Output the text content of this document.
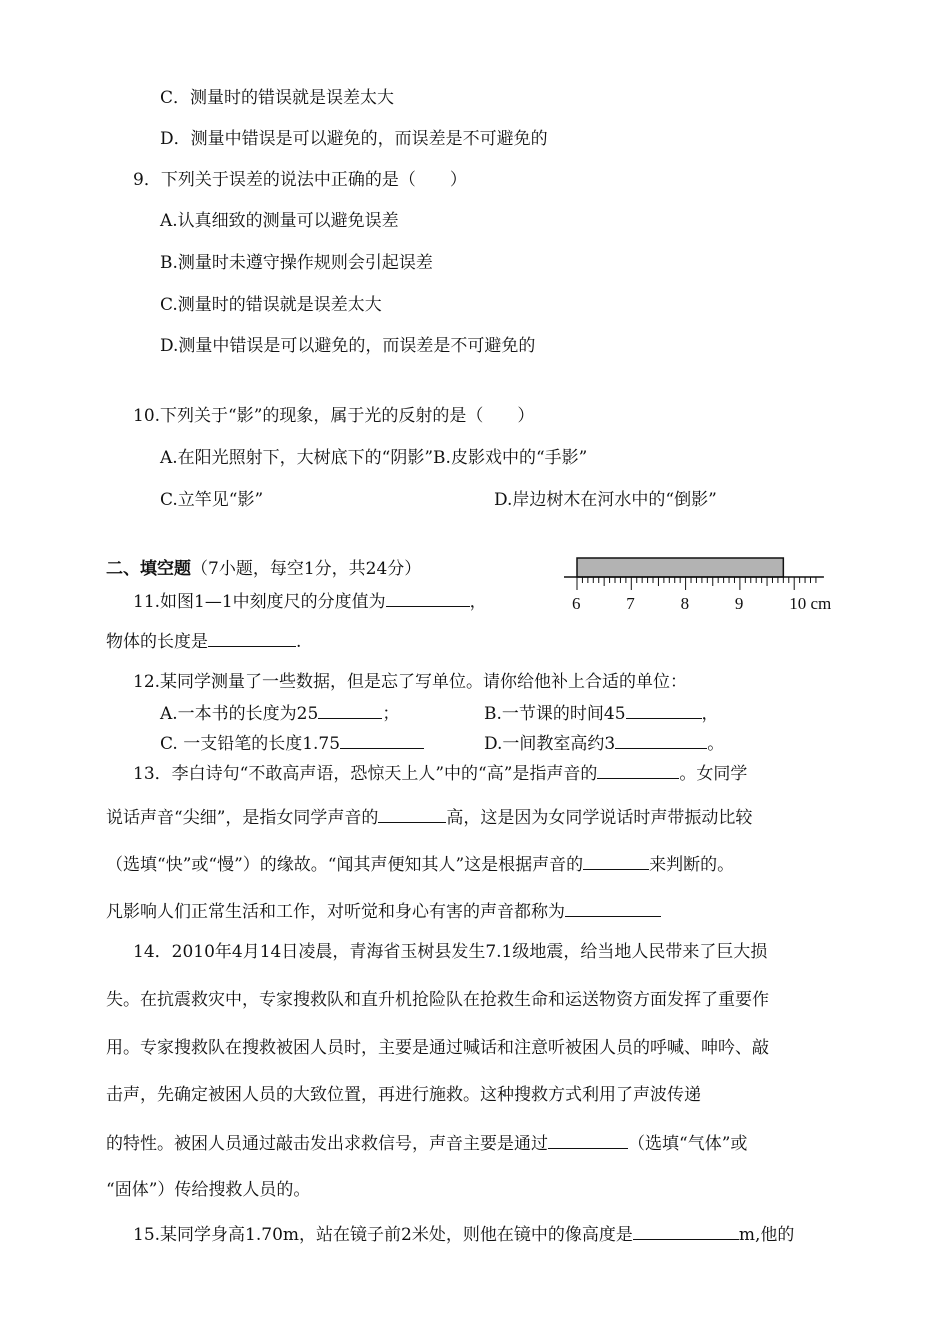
C．测量时的错误就是误差太大
D．测量中错误是可以避免的，而误差是不可避免的
9．下列关于误差的说法中正确的是（　　）
A.认真细致的测量可以避免误差
B.测量时未遵守操作规则会引起误差
C.测量时的错误就是误差太大
D.测量中错误是可以避免的，而误差是不可避免的
10.下列关于“影”的现象，属于光的反射的是（　　）
A.在阳光照射下，大树底下的“阴影”B.皮影戏中的“手影”
C.立竿见“影”	D.岸边树木在河水中的“倒影”
二、填空题（7小题，每空1分，共24分）
11.如图1—1中刻度尺的分度值为	，
物体的长度是	.
6	7	8	9	10 cm
12.某同学测量了一些数据，但是忘了写单位。请你给他补上合适的单位：
A.一本书的长度为25	；	B.一节课的时间45	，
C. 一支铅笔的长度1.75	D.一间教室高约3	。
13．李白诗句“不敢高声语，恐惊天上人”中的“高”是指声音的	。女同学
说话声音“尖细”，是指女同学声音的	高，这是因为女同学说话时声带振动比较
（选填“快”或“慢”）的缘故。“闻其声便知其人”这是根据声音的	来判断的。
凡影响人们正常生活和工作，对听觉和身心有害的声音都称为
14．2010年4月14日凌晨，青海省玉树县发生7.1级地震，给当地人民带来了巨大损
失。在抗震救灾中，专家搜救队和直升机抢险队在抢救生命和运送物资方面发挥了重要作
用。专家搜救队在搜救被困人员时，主要是通过喊话和注意听被困人员的呼喊、呻吟、敲
击声，先确定被困人员的大致位置，再进行施救。这种搜救方式利用了声波传递
的特性。被困人员通过敲击发出求救信号，声音主要是通过	（选填“气体”或
“固体”）传给搜救人员的。
15.某同学身高1.70m，站在镜子前2米处，则他在镜中的像高度是	m,他的
